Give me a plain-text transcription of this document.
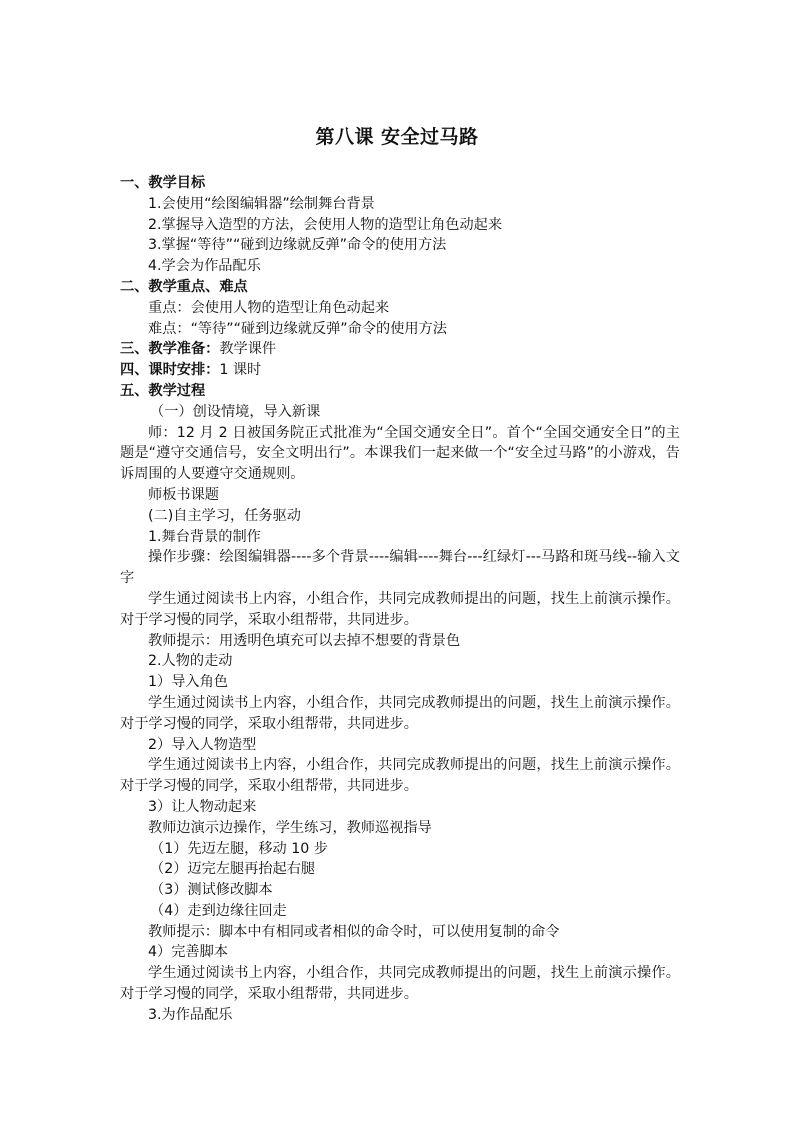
第八课 安全过马路

一、教学目标

1.会使用“绘图编辑器”绘制舞台背景

2.掌握导入造型的方法，会使用人物的造型让角色动起来

3.掌握“等待”“碰到边缘就反弹”命令的使用方法

4.学会为作品配乐

二、教学重点、难点

重点：会使用人物的造型让角色动起来

难点：“等待”“碰到边缘就反弹”命令的使用方法

三、教学准备：教学课件

四、课时安排：1 课时

五、教学过程

（一）创设情境，导入新课

师：12 月 2 日被国务院正式批准为“全国交通安全日”。首个“全国交通安全日”的主题是“遵守交通信号，安全文明出行”。本课我们一起来做一个“安全过马路”的小游戏，告诉周围的人要遵守交通规则。

师板书课题

(二)自主学习，任务驱动

1.舞台背景的制作

操作步骤：绘图编辑器----多个背景----编辑----舞台---红绿灯---马路和斑马线--输入文字

学生通过阅读书上内容，小组合作，共同完成教师提出的问题，找生上前演示操作。对于学习慢的同学，采取小组帮带，共同进步。

教师提示：用透明色填充可以去掉不想要的背景色

2.人物的走动

1）导入角色

学生通过阅读书上内容，小组合作，共同完成教师提出的问题，找生上前演示操作。对于学习慢的同学，采取小组帮带，共同进步。

2）导入人物造型

学生通过阅读书上内容，小组合作，共同完成教师提出的问题，找生上前演示操作。对于学习慢的同学，采取小组帮带，共同进步。

3）让人物动起来

教师边演示边操作，学生练习，教师巡视指导

（1）先迈左腿，移动 10 步

（2）迈完左腿再抬起右腿

（3）测试修改脚本

（4）走到边缘往回走

教师提示：脚本中有相同或者相似的命令时，可以使用复制的命令

4）完善脚本

学生通过阅读书上内容，小组合作，共同完成教师提出的问题，找生上前演示操作。对于学习慢的同学，采取小组帮带，共同进步。

3.为作品配乐
